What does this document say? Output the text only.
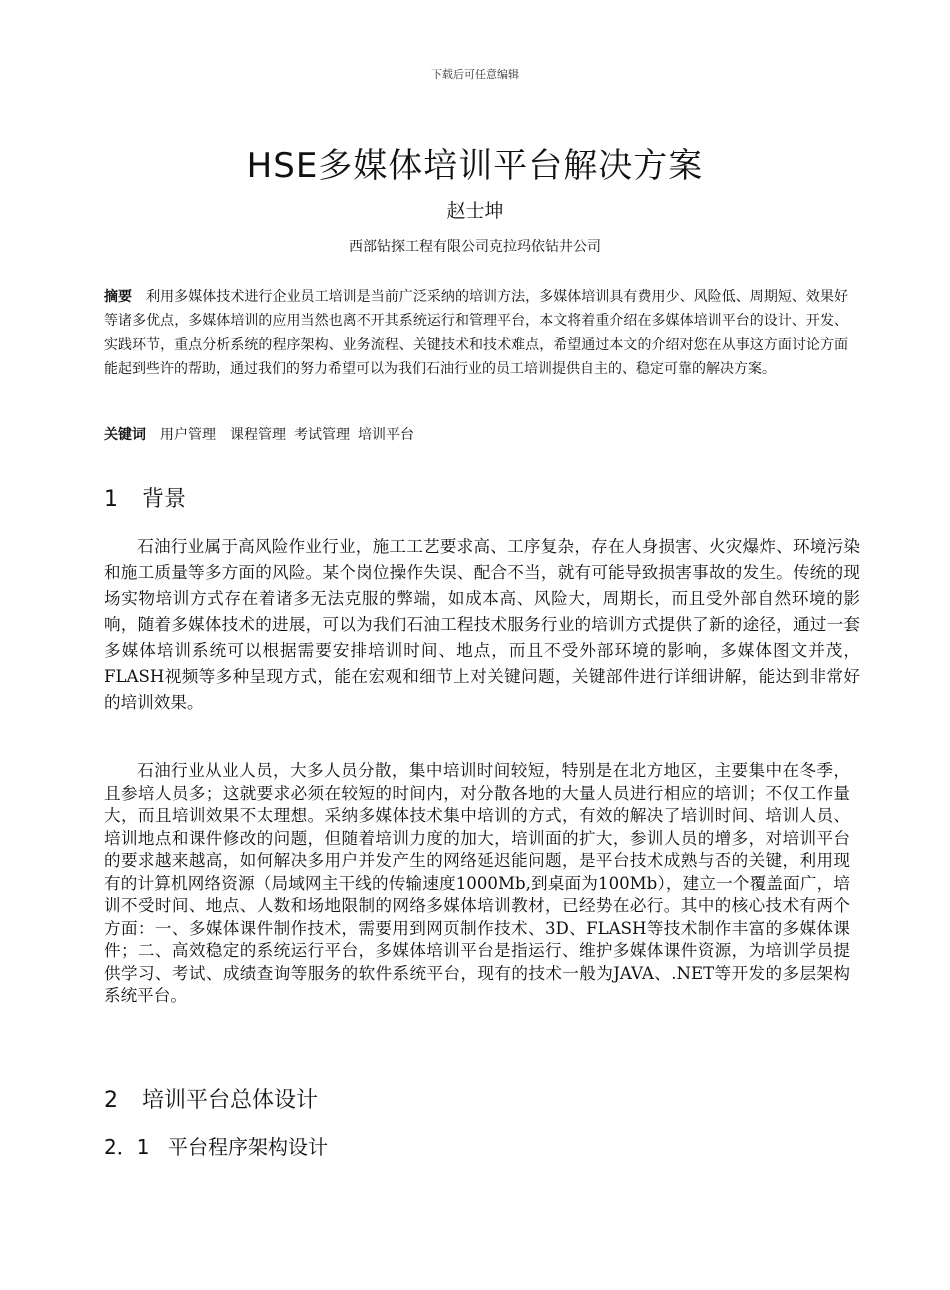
下载后可任意编辑
HSE多媒体培训平台解决方案
赵士坤
西部钻探工程有限公司克拉玛依钻井公司
摘要 利用多媒体技术进行企业员工培训是当前广泛采纳的培训方法，多媒体培训具有费用少、风险低、周期短、效果好等诸多优点，多媒体培训的应用当然也离不开其系统运行和管理平台，本文将着重介绍在多媒体培训平台的设计、开发、实践环节，重点分析系统的程序架构、业务流程、关键技术和技术难点，希望通过本文的介绍对您在从事这方面讨论方面能起到些许的帮助，通过我们的努力希望可以为我们石油行业的员工培训提供自主的、稳定可靠的解决方案。
关键词 用户管理 课程管理 考试管理 培训平台
1 背景
石油行业属于高风险作业行业，施工工艺要求高、工序复杂，存在人身损害、火灾爆炸、环境污染和施工质量等多方面的风险。某个岗位操作失误、配合不当，就有可能导致损害事故的发生。传统的现场实物培训方式存在着诸多无法克服的弊端，如成本高、风险大，周期长，而且受外部自然环境的影响，随着多媒体技术的进展，可以为我们石油工程技术服务行业的培训方式提供了新的途径，通过一套多媒体培训系统可以根据需要安排培训时间、地点，而且不受外部环境的影响，多媒体图文并茂，FLASH视频等多种呈现方式，能在宏观和细节上对关键问题，关键部件进行详细讲解，能达到非常好的培训效果。
石油行业从业人员，大多人员分散，集中培训时间较短，特别是在北方地区，主要集中在冬季，且参培人员多；这就要求必须在较短的时间内，对分散各地的大量人员进行相应的培训；不仅工作量大，而且培训效果不太理想。采纳多媒体技术集中培训的方式，有效的解决了培训时间、培训人员、培训地点和课件修改的问题，但随着培训力度的加大，培训面的扩大，参训人员的增多，对培训平台的要求越来越高，如何解决多用户并发产生的网络延迟能问题，是平台技术成熟与否的关键，利用现有的计算机网络资源（局域网主干线的传输速度1000Mb,到桌面为100Mb），建立一个覆盖面广，培训不受时间、地点、人数和场地限制的网络多媒体培训教材，已经势在必行。其中的核心技术有两个方面：一、多媒体课件制作技术，需要用到网页制作技术、3D、FLASH等技术制作丰富的多媒体课件；二、高效稳定的系统运行平台，多媒体培训平台是指运行、维护多媒体课件资源，为培训学员提供学习、考试、成绩查询等服务的软件系统平台，现有的技术一般为JAVA、.NET等开发的多层架构系统平台。
2 培训平台总体设计
2．1 平台程序架构设计
